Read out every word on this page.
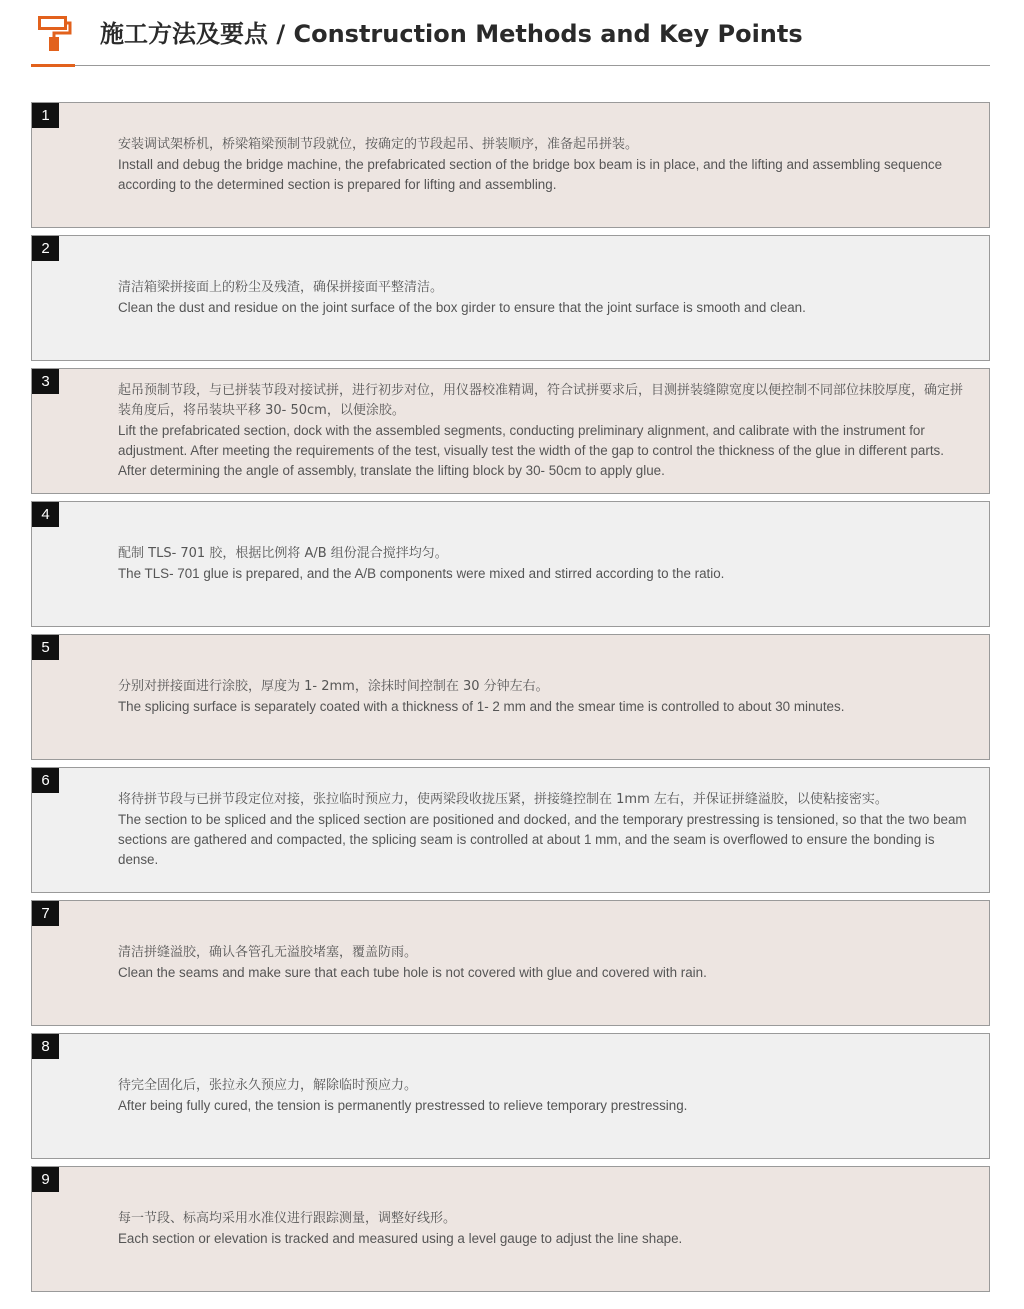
施工方法及要点 / Construction Methods and Key Points
1
安装调试架桥机，桥梁箱梁预制节段就位，按确定的节段起吊、拼装顺序，准备起吊拼装。
Install and debug the bridge machine, the prefabricated section of the bridge box beam is in place, and the lifting and assembling sequence according to the determined section is prepared for lifting and assembling.
2
清洁箱梁拼接面上的粉尘及残渣，确保拼接面平整清洁。
Clean the dust and residue on the joint surface of the box girder to ensure that the joint surface is smooth and clean.
3
起吊预制节段，与已拼装节段对接试拼，进行初步对位，用仪器校准精调，符合试拼要求后，目测拼装缝隙宽度以便控制不同部位抹胶厚度，确定拼装角度后，将吊装块平移 30- 50cm，以便涂胶。
Lift the prefabricated section, dock with the assembled segments, conducting preliminary alignment, and calibrate with the instrument for adjustment. After meeting the requirements of the test, visually test the width of the gap to control the thickness of the glue in different parts. After determining the angle of assembly, translate the lifting block by 30- 50cm to apply glue.
4
配制 TLS- 701 胶，根据比例将 A/B 组份混合搅拌均匀。
The TLS- 701 glue is prepared, and the A/B components were mixed and stirred according to the ratio.
5
分别对拼接面进行涂胶，厚度为 1- 2mm，涂抹时间控制在 30 分钟左右。
The splicing surface is separately coated with a thickness of 1- 2 mm and the smear time is controlled to about 30 minutes.
6
将待拼节段与已拼节段定位对接，张拉临时预应力，使两梁段收拢压紧，拼接缝控制在 1mm 左右，并保证拼缝溢胶，以使粘接密实。
The section to be spliced and the spliced section are positioned and docked, and the temporary prestressing is tensioned, so that the two beam sections are gathered and compacted, the splicing seam is controlled at about 1 mm, and the seam is overflowed to ensure the bonding is dense.
7
清洁拼缝溢胶，确认各管孔无溢胶堵塞，覆盖防雨。
Clean the seams and make sure that each tube hole is not covered with glue and covered with rain.
8
待完全固化后，张拉永久预应力，解除临时预应力。
After being fully cured, the tension is permanently prestressed to relieve temporary prestressing.
9
每一节段、标高均采用水准仪进行跟踪测量，调整好线形。
Each section or elevation is tracked and measured using a level gauge to adjust the line shape.
